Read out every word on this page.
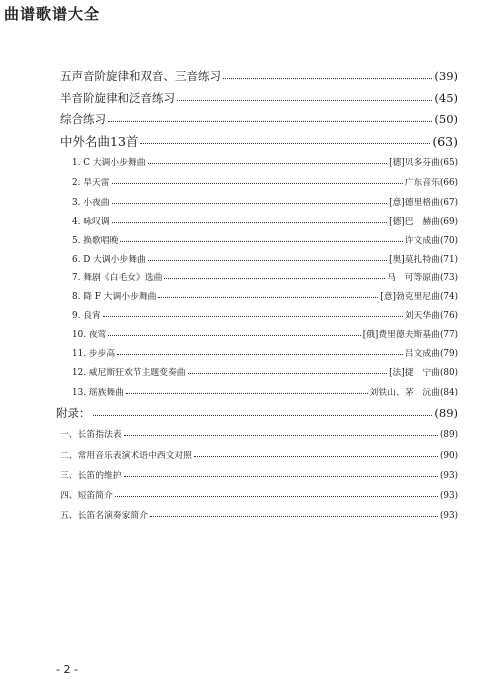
曲谱歌谱大全
五声音阶旋律和双音、三音练习	(39)
半音阶旋律和泛音练习	(45)
综合练习	(50)
中外名曲13首	(63)
1. C 大调小步舞曲	[德]贝多芬曲 (65)
2. 旱天雷	广东音乐 (66)
3. 小夜曲	[意]德里格曲 (67)
4. 咏叹调	[德]巴　赫曲 (69)
5. 换歌唱晚	许文成曲 (70)
6. D 大调小步舞曲	[奥]莫扎特曲 (71)
7. 舞剧《白毛女》选曲	马　可等原曲 (73)
8. 降 F 大调小步舞曲	[意]勃克里尼曲 (74)
9. 良宵	刘天华曲 (76)
10. 夜莺	[俄]费里德夫斯基曲 (77)
11. 步步高	吕文成曲 (79)
12. 威尼斯狂欢节主题变奏曲	[法]捷　宁曲 (80)
13. 瑶族舞曲	刘铁山、茅　沅曲 (84)
附录：	(89)
一、长笛指法表	(89)
二、常用音乐表演术语中西文对照	(90)
三、长笛的维护	(93)
四、短笛简介	(93)
五、长笛名演奏家简介	(93)
- 2 -
